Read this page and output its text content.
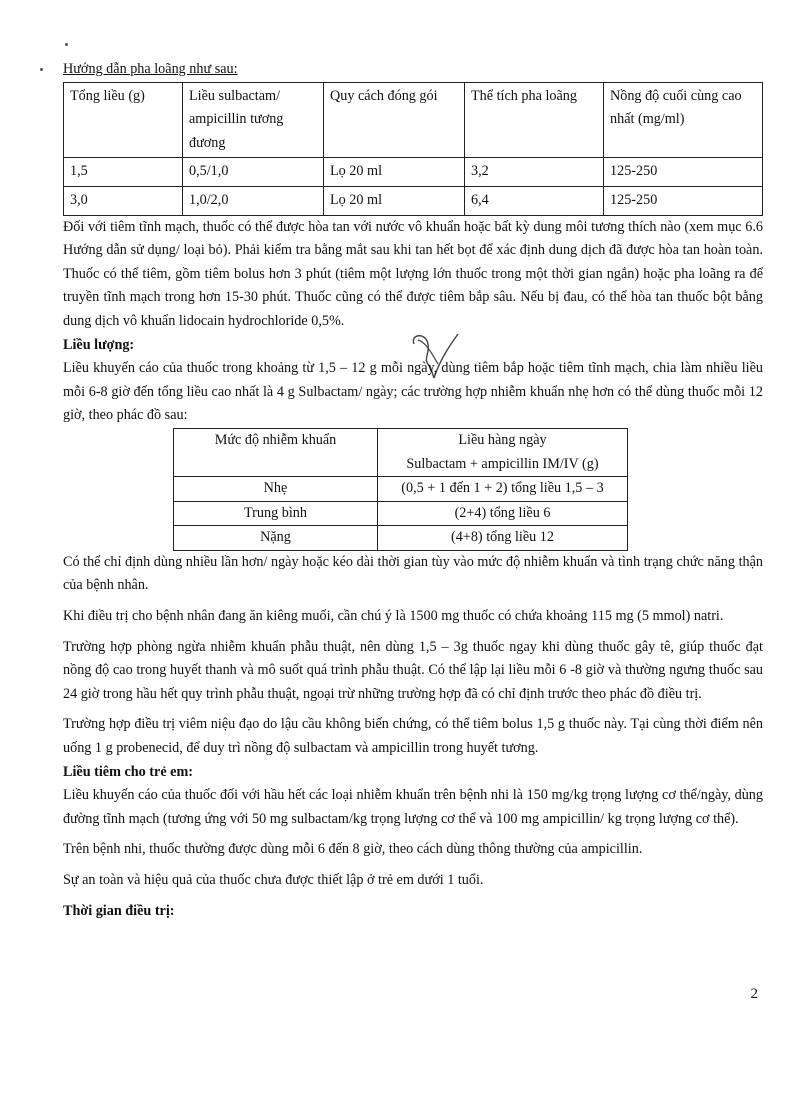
Hướng dẫn pha loãng như sau:
Tổng liều (g)	Liều sulbactam/ ampicillin tương đương	Quy cách đóng gói	Thể tích pha loãng	Nồng độ cuối cùng cao nhất (mg/ml)
1,5	0,5/1,0	Lọ 20 ml	3,2	125-250
3,0	1,0/2,0	Lọ 20 ml	6,4	125-250

Đối với tiêm tĩnh mạch, thuốc có thể được hòa tan với nước vô khuẩn hoặc bất kỳ dung môi tương thích nào (xem mục 6.6 Hướng dẫn sử dụng/ loại bỏ). Phải kiểm tra bằng mắt sau khi tan hết bọt để xác định dung dịch đã được hòa tan hoàn toàn. Thuốc có thể tiêm, gồm tiêm bolus hơn 3 phút (tiêm một lượng lớn thuốc trong một thời gian ngắn) hoặc pha loãng ra để truyền tĩnh mạch trong hơn 15-30 phút. Thuốc cũng có thể được tiêm bắp sâu. Nếu bị đau, có thể hòa tan thuốc bột bằng dung dịch vô khuẩn lidocain hydrochloride 0,5%.

Liều lượng:

Liều khuyến cáo của thuốc trong khoảng từ 1,5 – 12 g mỗi ngày, dùng tiêm bắp hoặc tiêm tĩnh mạch, chia làm nhiều liều mỗi 6-8 giờ đến tổng liều cao nhất là 4 g Sulbactam/ ngày; các trường hợp nhiễm khuẩn nhẹ hơn có thể dùng thuốc mỗi 12 giờ, theo phác đồ sau:

Mức độ nhiễm khuẩn	Liều hàng ngày
Sulbactam + ampicillin IM/IV (g)

Nhẹ	(0,5 + 1 đến 1 + 2) tổng liều 1,5 – 3
Trung bình	(2+4) tổng liều 6
Nặng	(4+8) tổng liều 12

Có thể chỉ định dùng nhiều lần hơn/ ngày hoặc kéo dài thời gian tùy vào mức độ nhiễm khuẩn và tình trạng chức năng thận của bệnh nhân.

Khi điều trị cho bệnh nhân đang ăn kiêng muối, cần chú ý là 1500 mg thuốc có chứa khoảng 115 mg (5 mmol) natri.

Trường hợp phòng ngừa nhiễm khuẩn phẫu thuật, nên dùng 1,5 – 3g thuốc ngay khi dùng thuốc gây tê, giúp thuốc đạt nồng độ cao trong huyết thanh và mô suốt quá trình phẫu thuật. Có thể lập lại liều mỗi 6 -8 giờ và thường ngưng thuốc sau 24 giờ trong hầu hết quy trình phẫu thuật, ngoại trừ những trường hợp đã có chỉ định trước theo phác đồ điều trị.

Trường hợp điều trị viêm niệu đạo do lậu cầu không biến chứng, có thể tiêm bolus 1,5 g thuốc này. Tại cùng thời điểm nên uống 1 g probenecid, để duy trì nồng độ sulbactam và ampicillin trong huyết tương.

Liều tiêm cho trẻ em:

Liều khuyến cáo của thuốc đối với hầu hết các loại nhiễm khuẩn trên bệnh nhi là 150 mg/kg trọng lượng cơ thể/ngày, dùng đường tĩnh mạch (tương ứng với 50 mg sulbactam/kg trọng lượng cơ thể và 100 mg ampicillin/ kg trọng lượng cơ thể).

Trên bệnh nhi, thuốc thường được dùng mỗi 6 đến 8 giờ, theo cách dùng thông thường của ampicillin.

Sự an toàn và hiệu quả của thuốc chưa được thiết lập ở trẻ em dưới 1 tuổi.

Thời gian điều trị:

2
